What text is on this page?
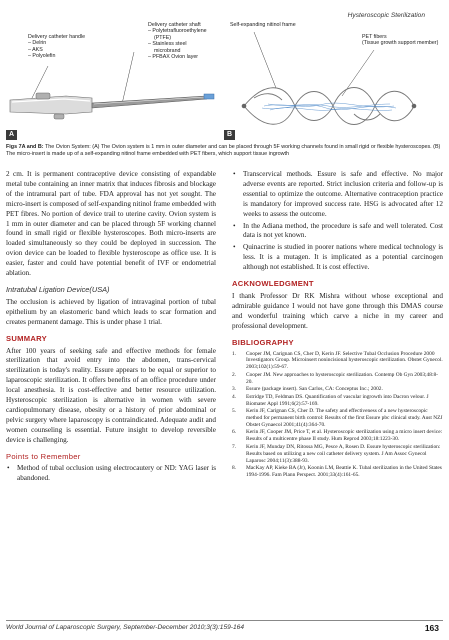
Hysteroscopic Sterilization
Delivery catheter handle
– Delrin
– AKS
– Polyolefin
Delivery catheter shaft
– Polytetrafluoroethylene
(PTFE)
– Stainless steel
microbrand
– PFBAX Ovion layer
A
Self-expanding nitinol frame
PET fibers
(Tissue growth support member)
B
Figs 7A and B: The Ovion System: (A) The Ovion system is 1 mm in outer diameter and can be placed through 5F working channels found in small rigid or flexible hysteroscopes. (B) The micro-insert is made up of a self-expanding nitinol frame embedded with PET fibers, which support tissue ingrowth

2 cm. It is permanent contraceptive device consisting of expandable metal tube containing an inner matrix that induces fibrosis and blockage of the intramural part of tube. FDA approval has not yet sought. The micro-insert is composed of self-expanding nitinol frame embedded with PET fibres. No portion of device trail to uterine cavity. Ovion system is 1 mm in outer diameter and can be placed through 5F working channel found in small rigid or flexible hysteroscopes. Both micro-inserts are loaded simultaneously so they could be deployed in succession. The ovion device can be loaded to flexible hysteroscope as office use. It is easier, faster and could have potential benefit of IVF or endometrial ablation.

Intratubal Ligation Device(USA)

The occlusion is achieved by ligation of intravaginal portion of tubal epithelium by an elastomeric band which leads to scar formation and creates permanent damage. This is under phase 1 trial.

SUMMARY

After 100 years of seeking safe and effective methods for female sterilization that avoid entry into the abdomen, trans-cervical sterilization is today's reality. Essure appears to be equal or superior to laparoscopic sterilization. It offers benefits of an office procedure under local anesthesia. It is cost-effective and better resource utilization. Hysteroscopic sterilization is alternative in women with severe cardiopulmonary disease, obesity or a history of prior abdominal or pelvic surgery where laparoscopy is contraindicated. Adequate audit and women counseling is essential. Future insight to develop reversible device is challenging.

Points to Remember
• Method of tubal occlusion using electrocautery or ND: YAG laser is abandoned.
• Transcervical methods. Essure is safe and effective. No major adverse events are reported. Strict inclusion criteria and follow-up is essential to optimize the outcome. Alternative contraception practice is mandatory for improved success rate. HSG is advocated after 12 weeks to assess the outcome.
• In the Adiana method, the procedure is safe and well tolerated. Cost data is not yet known.
• Quinacrine is studied in poorer nations where medical technology is less. It is a mutagen. It is implicated as a potential carcinogen although not established. It is cost effective.
ACKNOWLEDGMENT

I thank Professor Dr RK Mishra without whose exceptional and admirable guidance I would not have gone through this DMAS course and wonderful training which carve a niche in my career and professional development.

BIBLIOGRAPHY
1. Cooper JM, Carignan CS, Cher D, Kerin JF. Selective Tubal Occlusion Procedure 2000 Investigators Group. Microinsert nonincisional hysteroscopic sterilization. Obstet Gynecol. 2003;102(1):59-67.
2. Cooper JM. New approaches to hysteroscopic sterilization. Contemp Ob Gyn 2003;48:8-20.
3. Essure (package insert). San Carlos, CA: Conceptus Inc.; 2002.
4. Estridge TD, Feldman DS. Quantification of vascular ingrowth into Dacron velour. J Biomater Appl 1991;6(2):57-169.
5. Kerin JF, Carignan CS, Cher D. The safety and effectiveness of a new hysteroscopic method for permanent birth control: Results of the first Essure pbc clinical study. Aust NZJ Obstet Gynaecol 2001;41(4):364-70.
6. Kerin JF, Cooper JM, Price T, et al. Hysteroscopic sterilization using a micro insert device: Results of a multicentre phase II study. Hum Reprod 2003;18:1223-30.
7. Kerin JF, Munday DN, Ritossa MG, Pesce A, Rosen D. Essure hysteroscopic sterilization: Results based on utilizing a new coil catheter delivery system. J Am Assoc Gynecol Laparosc 2004;11(3):388-93.
8. MacKay AP, Kieke BA (Jr), Koonin LM, Beattie K. Tubal sterilization in the United States 1994-1996. Fam Plann Perspect. 2001;33(4):161-65.
World Journal of Laparoscopic Surgery, September-December 2010;3(3):159-164	163
